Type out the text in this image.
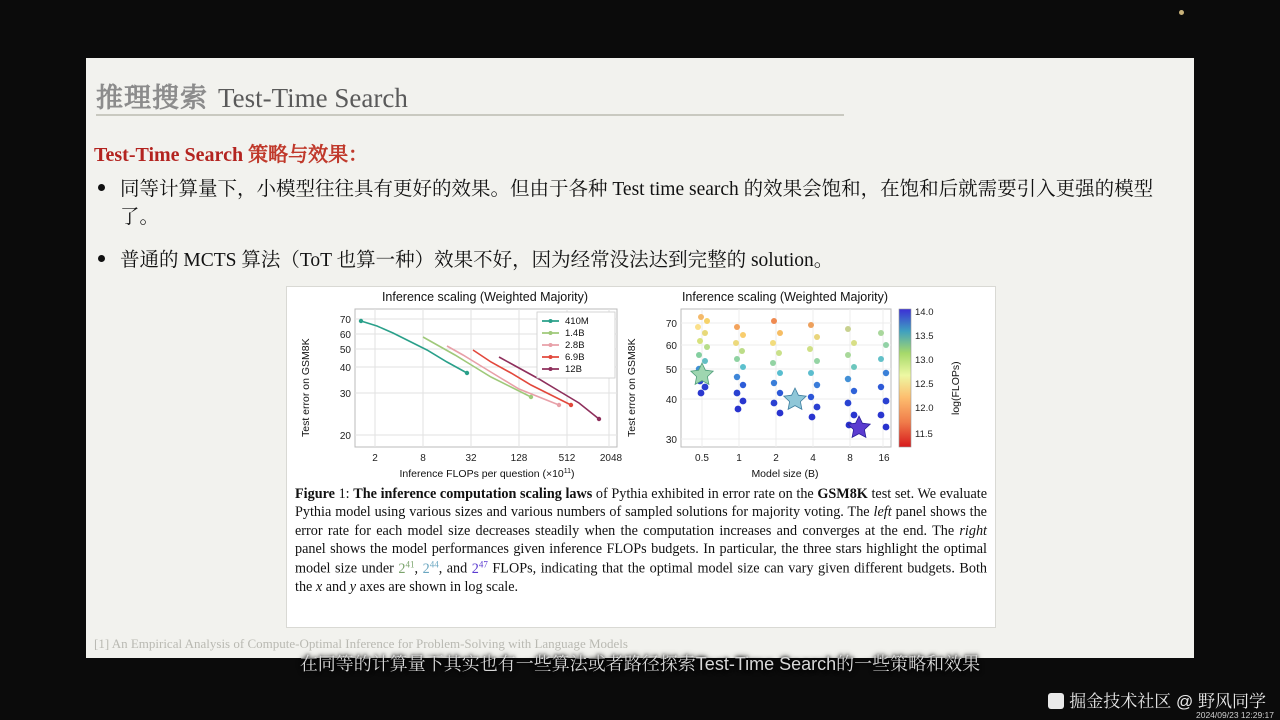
推理搜索 Test-Time Search
Test-Time Search 策略与效果：
同等计算量下，小模型往往具有更好的效果。但由于各种 Test time search 的效果会饱和，在饱和后就需要引入更强的模型了。
普通的 MCTS 算法（ToT 也算一种）效果不好，因为经常没法达到完整的 solution。
Inference scaling (Weighted Majority)
70
60
50
40
30
20
2	8	32	128	512 2048
Inference FLOPs per question $(\times 10^{11})$
Test error on GSM8K
410M
1.4B
2.8B
6.9B
12B
Inference scaling (Weighted Majority)
70
60
50
40
30
0.5	1	2	4	8	16
Model size (B)
Test error on GSM8K
14.0
13.5
13.0
12.5
12.0
11.5
log(FLOPs)
Figure 1: The inference computation scaling laws of Pythia exhibited in error rate on the GSM8K test set. We evaluate Pythia model using various sizes and various numbers of sampled solutions for majority voting. The left panel shows the error rate for each model size decreases steadily when the computation increases and converges at the end. The right panel shows the model performances given inference FLOPs budgets. In particular, the three stars highlight the optimal model size under $2^{41}$, $2^{44}$, and $2^{47}$ FLOPs, indicating that the optimal model size can vary given different budgets. Both the x and y axes are shown in log scale.
[1] An Empirical Analysis of Compute-Optimal Inference for Problem-Solving with Language Models
在同等的计算量下其实也有一些算法或者路径探索Test-Time Search的一些策略和效果
掘金技术社区 @ 野风同学
2024/09/23 12:29:17
